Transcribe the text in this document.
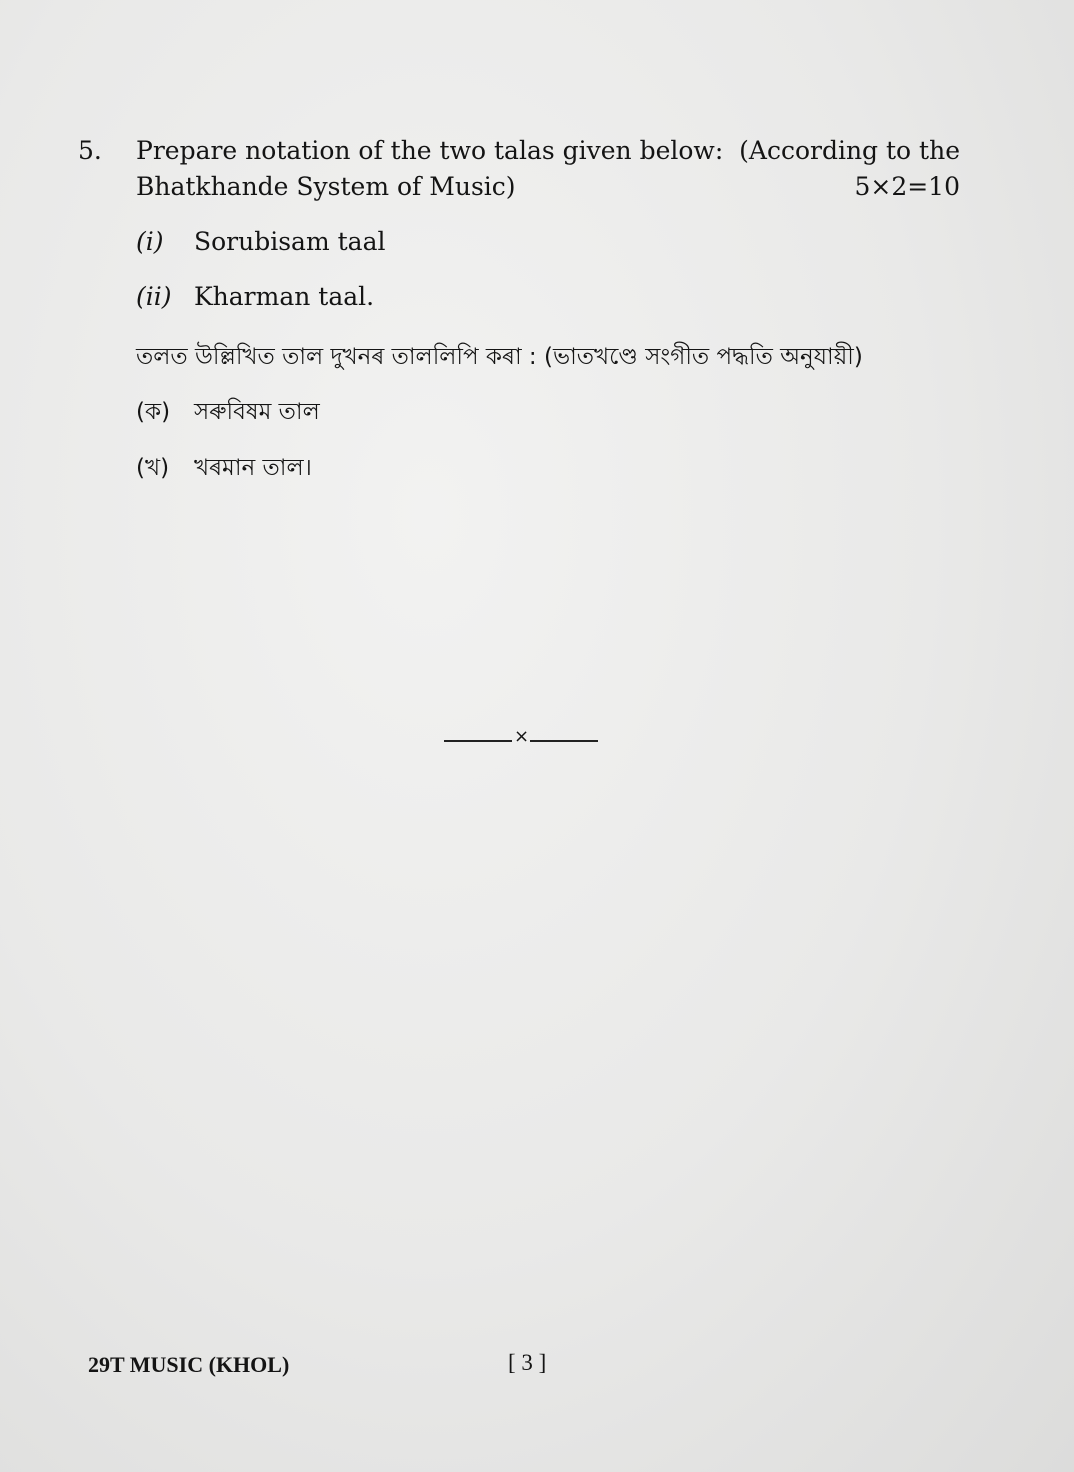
5. Prepare notation of the two talas given below: (According to the
Bhatkhande System of Music)	5×2=10
(i) Sorubisam taal
(ii) Kharman taal.
তলত উল্লিখিত তাল দুখনৰ তাললিপি কৰা : (ভাতখণ্ডে সংগীত পদ্ধতি অনুযায়ী)
(ক) সৰুবিষম তাল
(খ) খৰমান তাল।
×
29T MUSIC (KHOL)	[ 3 ]
